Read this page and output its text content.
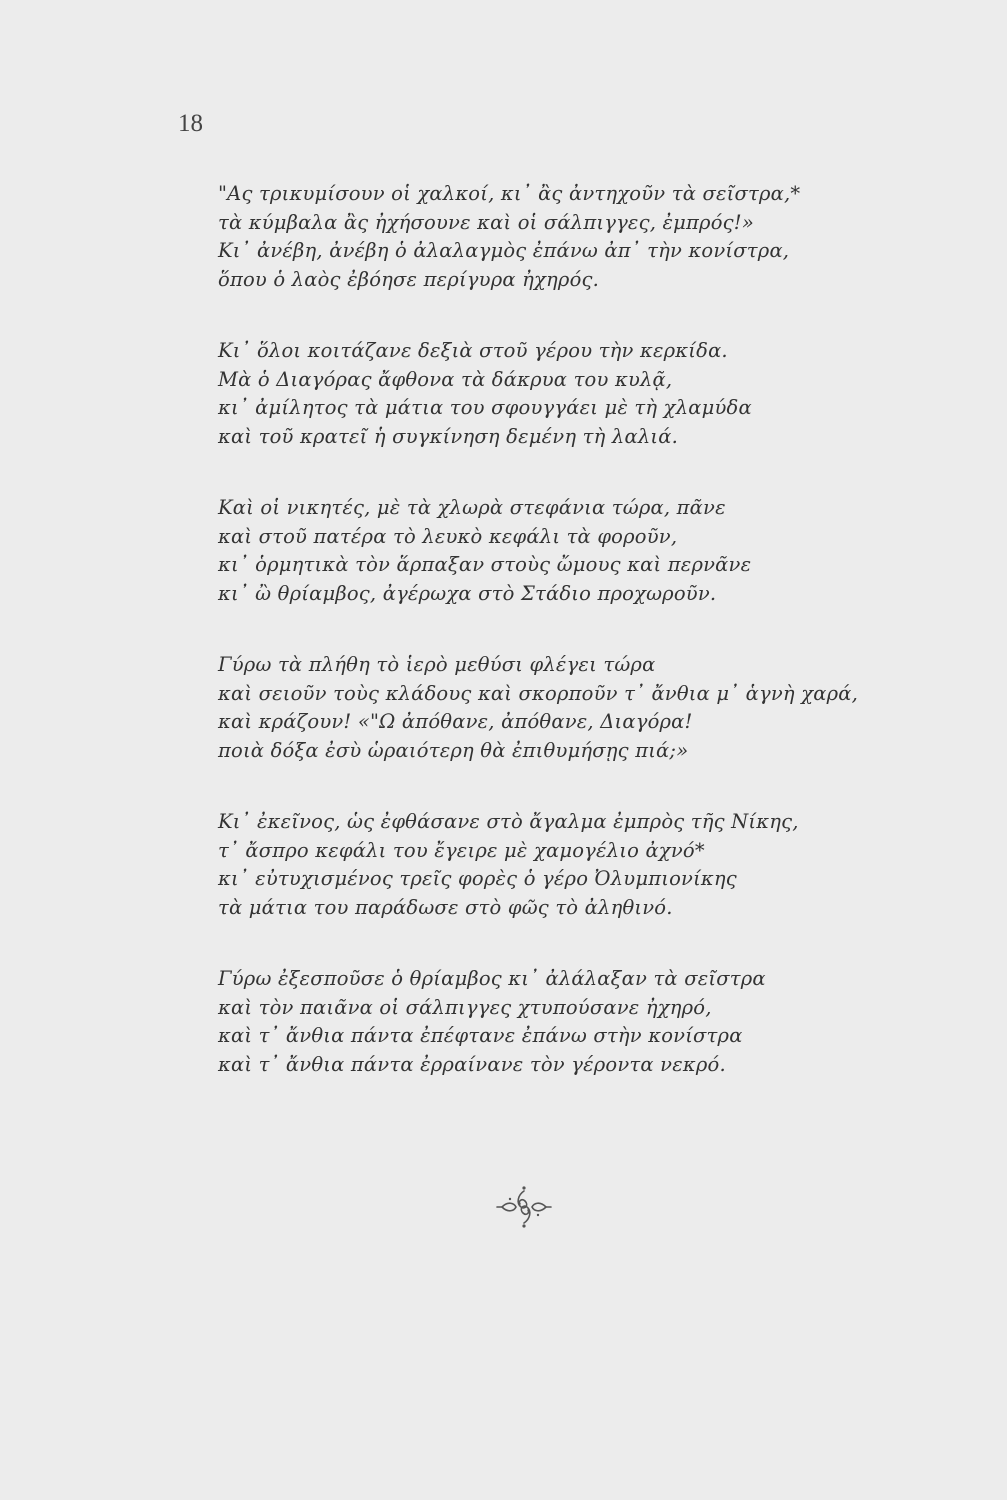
18
"Ας τρικυμίσουν οἱ χαλκοί, κι᾽ ἂς ἀντηχοῦν τὰ σεῖστρα,*
τὰ κύμβαλα ἂς ἠχήσουνε καὶ οἱ σάλπιγγες, ἐμπρός!»
Κι᾽ ἀνέβη, ἀνέβη ὁ ἀλαλαγμὸς ἐπάνω ἀπ᾽ τὴν κονίστρα,
ὅπου ὁ λαὸς ἐβόησε περίγυρα ἠχηρός.
Κι᾽ ὅλοι κοιτάζανε δεξιὰ στοῦ γέρου τὴν κερκίδα.
Μὰ ὁ Διαγόρας ἄφθονα τὰ δάκρυα του κυλᾷ,
κι᾽ ἀμίλητος τὰ μάτια του σφουγγάει μὲ τὴ χλαμύδα
καὶ τοῦ κρατεῖ ἡ συγκίνηση δεμένη τὴ λαλιά.
Καὶ οἱ νικητές, μὲ τὰ χλωρὰ στεφάνια τώρα, πᾶνε
καὶ στοῦ πατέρα τὸ λευκὸ κεφάλι τὰ φοροῦν,
κι᾽ ὁρμητικὰ τὸν ἅρπαξαν στοὺς ὤμους καὶ περνᾶνε
κι᾽ ὢ θρίαμβος, ἀγέρωχα στὸ Στάδιο προχωροῦν.
Γύρω τὰ πλήθη τὸ ἱερὸ μεθύσι φλέγει τώρα
καὶ σειοῦν τοὺς κλάδους καὶ σκορποῦν τ᾽ ἄνθια μ᾽ ἁγνὴ χαρά,
καὶ κράζουν! «"Ω ἀπόθανε, ἀπόθανε, Διαγόρα!
ποιὰ δόξα ἐσὺ ὡραιότερη θὰ ἐπιθυμήσῃς πιά;»
Κι᾽ ἐκεῖνος, ὡς ἐφθάσανε στὸ ἄγαλμα ἐμπρὸς τῆς Νίκης,
τ᾽ ἄσπρο κεφάλι του ἔγειρε μὲ χαμογέλιο ἀχνό*
κι᾽ εὐτυχισμένος τρεῖς φορὲς ὁ γέρο Ὀλυμπιονίκης
τὰ μάτια του παράδωσε στὸ φῶς τὸ ἀληθινό.
Γύρω ἐξεσποῦσε ὁ θρίαμβος κι᾽ ἀλάλαξαν τὰ σεῖστρα
καὶ τὸν παιᾶνα οἱ σάλπιγγες χτυπούσανε ἠχηρό,
καὶ τ᾽ ἄνθια πάντα ἐπέφτανε ἐπάνω στὴν κονίστρα
καὶ τ᾽ ἄνθια πάντα ἐρραίνανε τὸν γέροντα νεκρό.
